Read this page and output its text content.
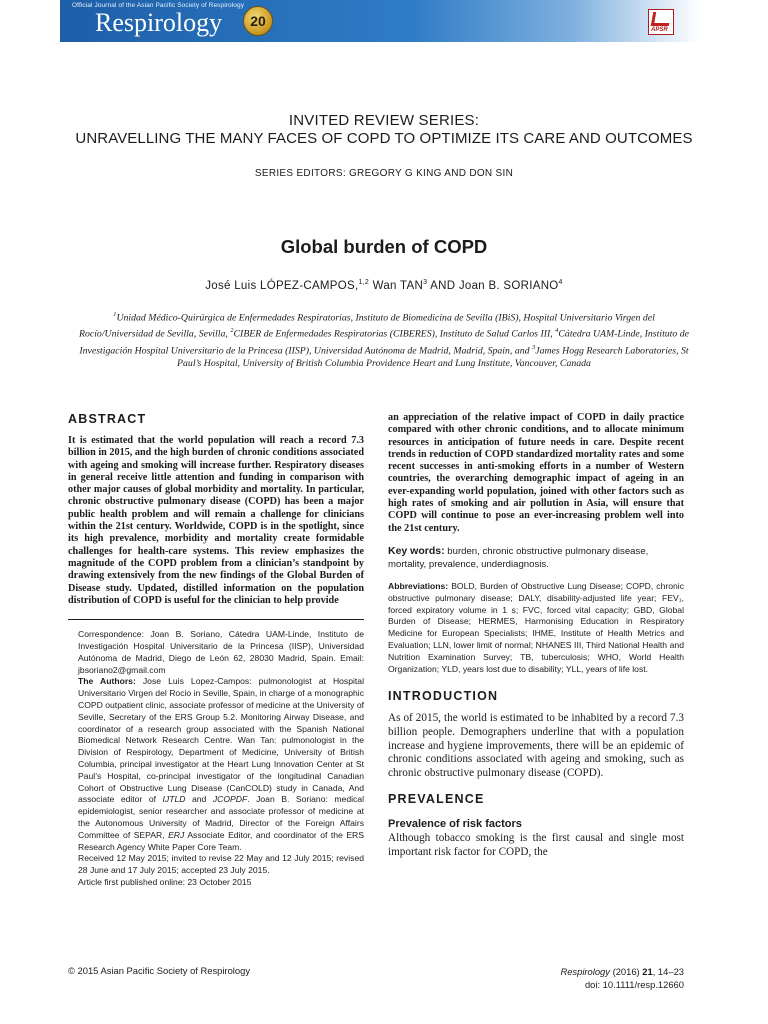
Official Journal of the Asian Pacific Society of Respirology
Respirology 20
APSR
INVITED REVIEW SERIES:
UNRAVELLING THE MANY FACES OF COPD TO OPTIMIZE ITS CARE AND OUTCOMES
SERIES EDITORS: GREGORY G KING AND DON SIN
Global burden of COPD
José Luis LÓPEZ-CAMPOS,$^{1,2}$ Wan TAN$^3$ AND Joan B. SORIANO$^4$
$^1$Unidad Médico-Quirúrgica de Enfermedades Respiratorias, Instituto de Biomedicina de Sevilla (IBiS), Hospital Universitario Virgen del Rocío/Universidad de Sevilla, Sevilla, $^2$CIBER de Enfermedades Respiratorias (CIBERES), Instituto de Salud Carlos III, $^4$Cátedra UAM-Linde, Instituto de Investigación Hospital Universitario de la Princesa (IISP), Universidad Autónoma de Madrid, Madrid, Spain, and $^3$James Hogg Research Laboratories, St Paul’s Hospital, University of British Columbia Providence Heart and Lung Institute, Vancouver, Canada
ABSTRACT
It is estimated that the world population will reach a record 7.3 billion in 2015, and the high burden of chronic conditions associated with ageing and smoking will increase further. Respiratory diseases in general receive little attention and funding in comparison with other major causes of global morbidity and mortality. In particular, chronic obstructive pulmonary disease (COPD) has been a major public health problem and will remain a challenge for clinicians within the 21st century. Worldwide, COPD is in the spotlight, since its high prevalence, morbidity and mortality create formidable challenges for health-care systems. This review emphasizes the magnitude of the COPD problem from a clinician’s standpoint by drawing extensively from the new findings of the Global Burden of Disease study. Updated, distilled information on the population distribution of COPD is useful for the clinician to help provide
Correspondence: Joan B. Soriano, Cátedra UAM-Linde, Instituto de Investigación Hospital Universitario de la Princesa (IISP), Universidad Autónoma de Madrid, Diego de León 62, 28030 Madrid, Spain. Email: jbsoriano2@gmail.com
The Authors: Jose Luis Lopez-Campos: pulmonologist at Hospital Universitario Virgen del Rocio in Seville, Spain, in charge of a monographic COPD outpatient clinic, associate professor of medicine at the University of Seville, Secretary of the ERS Group 5.2. Monitoring Airway Disease, and coordinator of a research group associated with the Spanish National Biomedical Network Research Centre. Wan Tan: pulmonologist in the Division of Respirology, Department of Medicine, University of British Columbia, principal investigator at the Heart Lung Innovation Center at St Paul’s Hospital, co-principal investigator of the longitudinal Canadian Cohort of Obstructive Lung Disease (CanCOLD) study in Canada, And associate editor of IJTLD and JCOPDF. Joan B. Soriano: medical epidemiologist, senior researcher and associate professor of medicine at the Autonomous University of Madrid, Director of the Foreign Affairs Committee of SEPAR, ERJ Associate Editor, and coordinator of the ERS Research Agency White Paper Core Team.
Received 12 May 2015; invited to revise 22 May and 12 July 2015; revised 28 June and 17 July 2015; accepted 23 July 2015.
Article first published online: 23 October 2015
an appreciation of the relative impact of COPD in daily practice compared with other chronic conditions, and to allocate minimum resources in anticipation of future needs in care. Despite recent trends in reduction of COPD standardized mortality rates and some recent successes in anti-smoking efforts in a number of Western countries, the overarching demographic impact of ageing in an ever-expanding world population, joined with other factors such as high rates of smoking and air pollution in Asia, will ensure that COPD will continue to pose an ever-increasing problem well into the 21st century.
Key words: burden, chronic obstructive pulmonary disease, mortality, prevalence, underdiagnosis.
Abbreviations: BOLD, Burden of Obstructive Lung Disease; COPD, chronic obstructive pulmonary disease; DALY, disability-adjusted life year; FEV₁, forced expiratory volume in 1 s; FVC, forced vital capacity; GBD, Global Burden of Disease; HERMES, Harmonising Education in Respiratory Medicine for European Specialists; IHME, Institute of Health Metrics and Evaluation; LLN, lower limit of normal; NHANES III, Third National Health and Nutrition Examination Survey; TB, tuberculosis; WHO, World Health Organization; YLD, years lost due to disability; YLL, years of life lost.
INTRODUCTION
As of 2015, the world is estimated to be inhabited by a record 7.3 billion people. Demographers underline that with a population increase and hygiene improvements, there will be an epidemic of chronic conditions associated with ageing and smoking, such as chronic obstructive pulmonary disease (COPD).
PREVALENCE
Prevalence of risk factors
Although tobacco smoking is the first causal and single most important risk factor for COPD, the
© 2015 Asian Pacific Society of Respirology	Respirology (2016) 21, 14–23
doi: 10.1111/resp.12660
